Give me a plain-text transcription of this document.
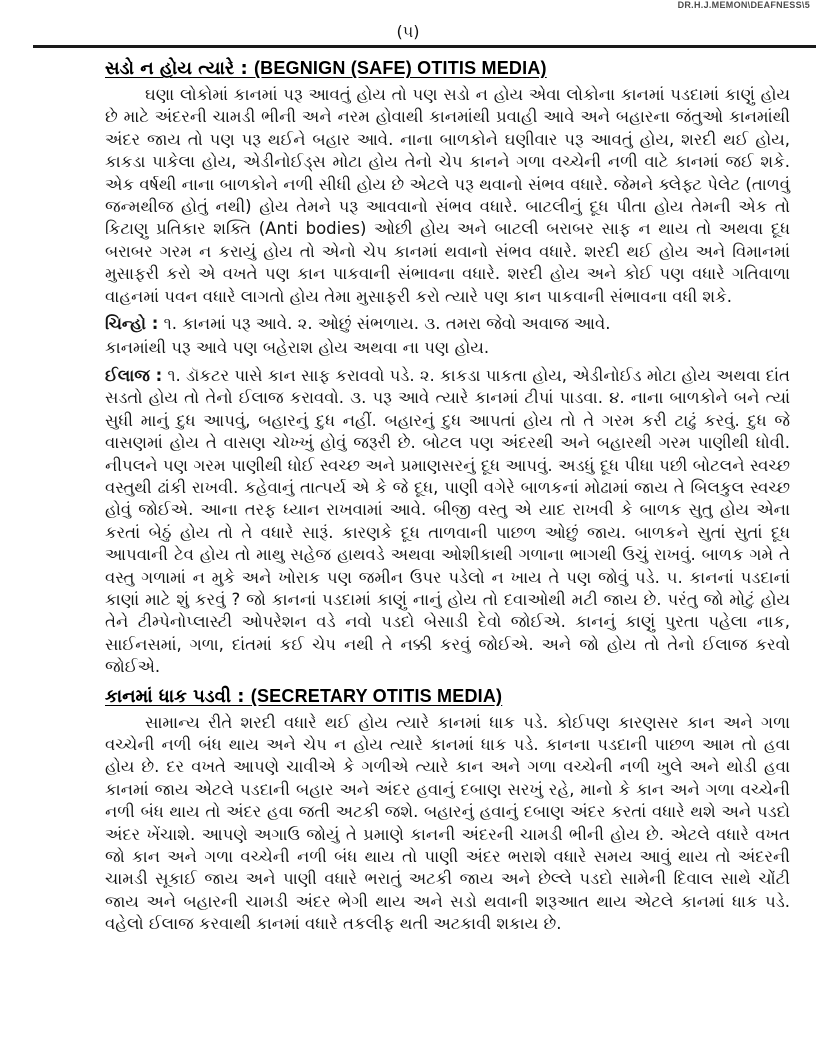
DR.H.J.MEMON\DEAFNESS\5
(૫)
સડો ન હોય ત્યારે : (BEGNIGN (SAFE) OTITIS MEDIA)

ઘણા લોકોમાં કાનમાં પરૂ આવતું હોય તો પણ સડો ન હોય એવા લોકોના કાનમાં પડદામાં કાણું હોય છે માટે અંદરની ચામડી ભીની અને નરમ હોવાથી કાનમાંથી પ્રવાહી આવે અને બહારના જંતુઓ કાનમાંથી અંદર જાય તો પણ પરૂ થઈને બહાર આવે. નાના બાળકોને ઘણીવાર પરૂ આવતું હોય, શરદી થઈ હોય, કાકડા પાકેલા હોય, એડીનોઈડ્સ મોટા હોય તેનો ચેપ કાનને ગળા વચ્ચેની નળી વાટે કાનમાં જઈ શકે. એક વર્ષથી નાના બાળકોને નળી સીધી હોય છે એટલે પરૂ થવાનો સંભવ વધારે. જેમને ક્લેફ્ટ પેલેટ (તાળવું જન્મથીજ હોતું નથી) હોય તેમને પરૂ આવવાનો સંભવ વધારે. બાટલીનું દૂધ પીતા હોય તેમની એક તો કિટાણુ પ્રતિકાર શક્તિ (Anti bodies) ઓછી હોય અને બાટલી બરાબર સાફ ન થાય તો અથવા દૂધ બરાબર ગરમ ન કરાયું હોય તો એનો ચેપ કાનમાં થવાનો સંભવ વધારે. શરદી થઈ હોય અને વિમાનમાં મુસાફરી કરો એ વખતે પણ કાન પાકવાની સંભાવના વધારે. શરદી હોય અને કોઈ પણ વધારે ગતિવાળા વાહનમાં પવન વધારે લાગતો હોય તેમા મુસાફરી કરો ત્યારે પણ કાન પાકવાની સંભાવના વધી શકે.

ચિન્હો : ૧. કાનમાં પરૂ આવે. ૨. ઓછું સંભળાય. ૩. તમરા જેવો અવાજ આવે.

કાનમાંથી પરૂ આવે પણ બહેરાશ હોય અથવા ના પણ હોય.

ઈલાજ : ૧. ડૉકટર પાસે કાન સાફ કરાવવો પડે. ૨. કાકડા પાકતા હોય, એડીનોઈડ મોટા હોય અથવા દાંત સડતો હોય તો તેનો ઈલાજ કરાવવો. ૩. પરૂ આવે ત્યારે કાનમાં ટીપાં પાડવા. ૪. નાના બાળકોને બને ત્યાં સુધી માનું દુધ આપવું, બહારનું દુધ નહીં. બહારનું દુધ આપતાં હોય તો તે ગરમ કરી ટાઢું કરવું. દુધ જે વાસણમાં હોય તે વાસણ ચોખ્ખું હોવું જરૂરી છે. બોટલ પણ અંદરથી અને બહારથી ગરમ પાણીથી ધોવી. નીપલને પણ ગરમ પાણીથી ધોઈ સ્વચ્છ અને પ્રમાણસરનું દૂધ આપવું. અડધું દૂધ પીધા પછી બોટલને સ્વચ્છ વસ્તુથી ઢાંકી રાખવી. કહેવાનું તાત્પર્ય એ કે જે દૂધ, પાણી વગેરે બાળકનાં મોઢામાં જાય તે બિલકુલ સ્વચ્છ હોવું જોઈએ. આના તરફ ધ્યાન રાખવામાં આવે. બીજી વસ્તુ એ યાદ રાખવી કે બાળક સુતુ હોય એના કરતાં બેઠું હોય તો તે વધારે સારૂં. કારણકે દૂધ તાળવાની પાછળ ઓછું જાય. બાળકને સુતાં સુતાં દૂધ આપવાની ટેવ હોય તો માથુ સહેજ હાથવડે અથવા ઓશીકાથી ગળાના ભાગથી ઉચું રાખવું. બાળક ગમે તે વસ્તુ ગળામાં ન મુકે અને ખોરાક પણ જમીન ઉપર પડેલો ન ખાય તે પણ જોવું પડે. ૫. કાનનાં પડદાનાં કાણાં માટે શું કરવું ? જો કાનનાં પડદામાં કાણું નાનું હોય તો દવાઓથી મટી જાય છે. પરંતુ જો મોટું હોય તેને ટીમ્પેનોપ્લાસ્ટી ઓપરેશન વડે નવો પડદો બેસાડી દેવો જોઈએ. કાનનું કાણું પુરતા પહેલા નાક, સાઈનસમાં, ગળા, દાંતમાં કઈ ચેપ નથી તે નક્કી કરવું જોઈએ. અને જો હોય તો તેનો ઈલાજ કરવો જોઈએ.

કાનમાં ધાક પડવી : (SECRETARY OTITIS MEDIA)

સામાન્ય રીતે શરદી વધારે થઈ હોય ત્યારે કાનમાં ધાક પડે. કોઈપણ કારણસર કાન અને ગળા વચ્ચેની નળી બંધ થાય અને ચેપ ન હોય ત્યારે કાનમાં ધાક પડે. કાનના પડદાની પાછળ આમ તો હવા હોય છે. દર વખતે આપણે ચાવીએ કે ગળીએ ત્યારે કાન અને ગળા વચ્ચેની નળી ખુલે અને થોડી હવા કાનમાં જાય એટલે પડદાની બહાર અને અંદર હવાનું દબાણ સરખું રહે, માનો કે કાન અને ગળા વચ્ચેની નળી બંધ થાય તો અંદર હવા જતી અટકી જશે. બહારનું હવાનું દબાણ અંદર કરતાં વધારે થશે અને પડદો અંદર ખેંચાશે. આપણે અગાઉ જોયું તે પ્રમાણે કાનની અંદરની ચામડી ભીની હોય છે. એટલે વધારે વખત જો કાન અને ગળા વચ્ચેની નળી બંધ થાય તો પાણી અંદર ભરાશે વધારે સમય આવું થાય તો અંદરની ચામડી સૂકાઈ જાય અને પાણી વધારે ભરાતું અટકી જાય અને છેલ્લે પડદો સામેની દિવાલ સાથે ચોંટી જાય અને બહારની ચામડી અંદર ભેગી થાય અને સડો થવાની શરૂઆત થાય એટલે કાનમાં ધાક પડે. વહેલો ઈલાજ કરવાથી કાનમાં વધારે તકલીફ થતી અટકાવી શકાય છે.
